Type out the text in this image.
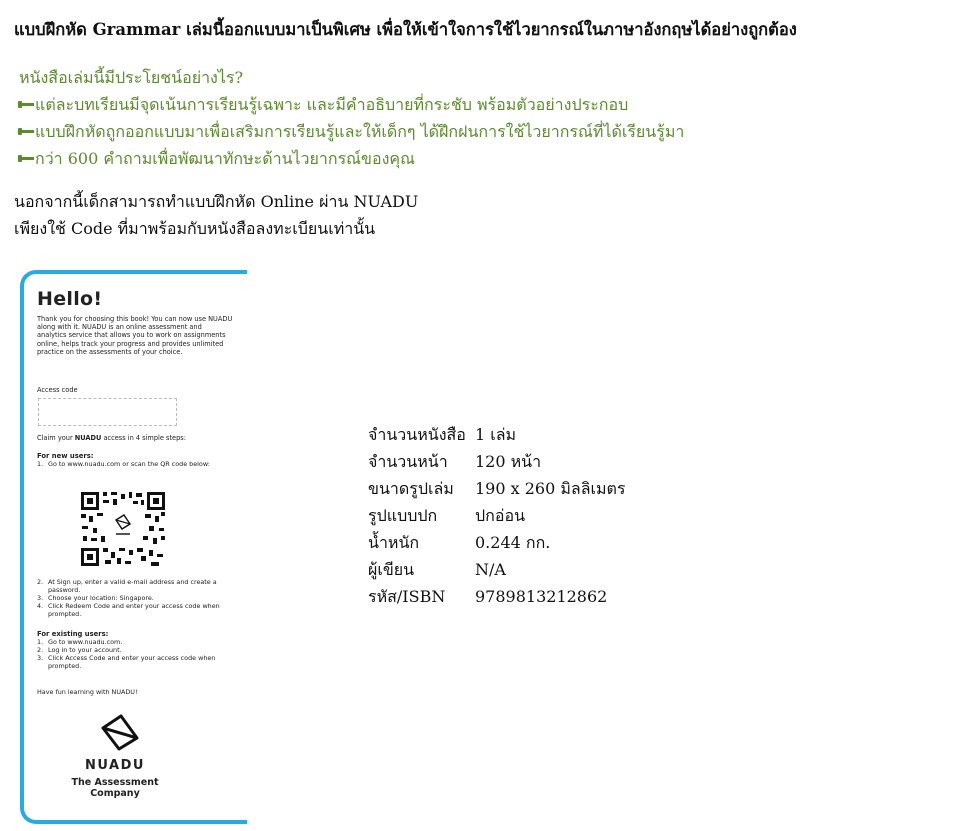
แบบฝึกหัด Grammar เล่มนี้ออกแบบมาเป็นพิเศษ เพื่อให้เข้าใจการใช้ไวยากรณ์ในภาษาอังกฤษได้อย่างถูกต้อง
หนังสือเล่มนี้มีประโยชน์อย่างไร?
แต่ละบทเรียนมีจุดเน้นการเรียนรู้เฉพาะ และมีคำอธิบายที่กระชับ พร้อมตัวอย่างประกอบ
แบบฝึกหัดถูกออกแบบมาเพื่อเสริมการเรียนรู้และให้เด็กๆ ได้ฝึกฝนการใช้ไวยากรณ์ที่ได้เรียนรู้มา
กว่า 600 คำถามเพื่อพัฒนาทักษะด้านไวยากรณ์ของคุณ
นอกจากนี้เด็กสามารถทำแบบฝึกหัด Online ผ่าน NUADU
เพียงใช้ Code ที่มาพร้อมกับหนังสือลงทะเบียนเท่านั้น
Hello!
Thank you for choosing this book! You can now use NUADU along with it. NUADU is an online assessment and analytics service that allows you to work on assignments online, helps track your progress and provides unlimited practice on the assessments of your choice.
Access code
Claim your NUADU access in 4 simple steps:
For new users:
1. Go to www.nuadu.com or scan the QR code below:
2. At Sign up, enter a valid e-mail address and create a password.
3. Choose your location: Singapore.
4. Click Redeem Code and enter your access code when prompted.
For existing users:
1. Go to www.nuadu.com.
2. Log in to your account.
3. Click Access Code and enter your access code when prompted.
Have fun learning with NUADU!
NUADU
The Assessment
Company
จำนวนหนังสือ	1 เล่ม
จำนวนหน้า	120 หน้า
ขนาดรูปเล่ม	190 x 260 มิลลิเมตร
รูปแบบปก	ปกอ่อน
น้ำหนัก	0.244 กก.
ผู้เขียน	N/A
รหัส/ISBN	9789813212862
